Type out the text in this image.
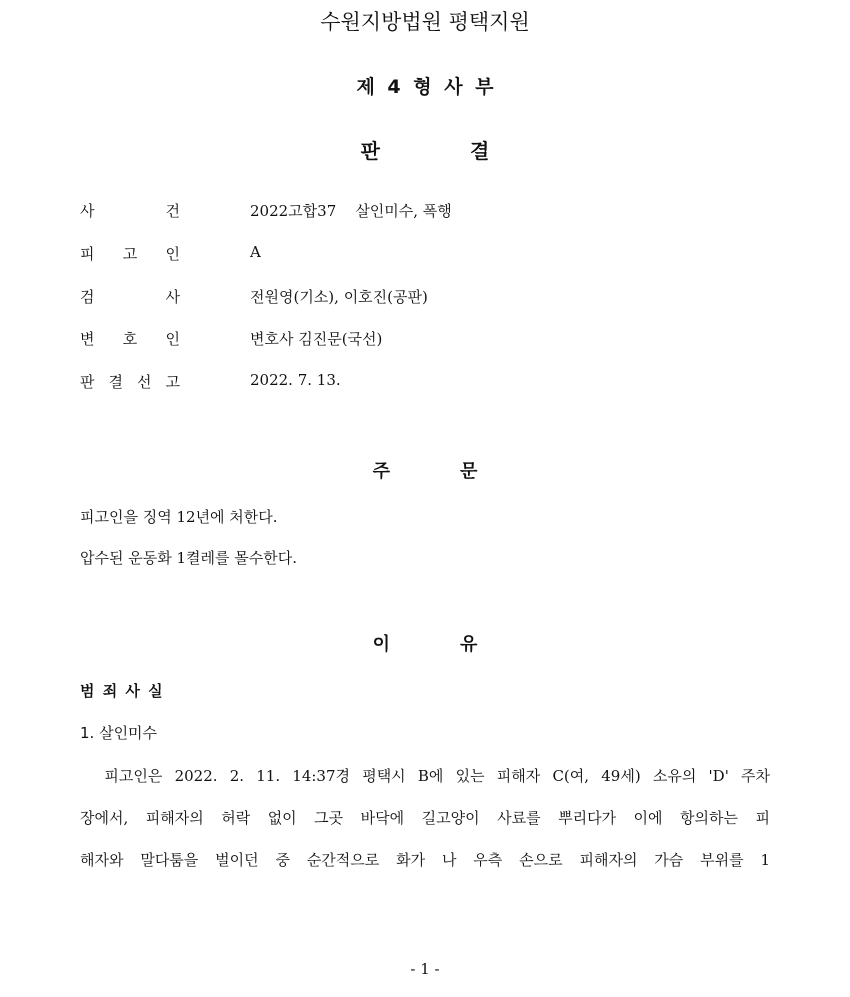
수원지방법원 평택지원
제 4 형 사 부
판	결
사	건	2022고합37    살인미수, 폭행
피 고 인	A
검	사	전원영(기소), 이호진(공판)
변 호 인	변호사 김진문(국선)
판 결 선 고	2022. 7. 13.
주	문
피고인을 징역 12년에 처한다.
압수된 운동화 1켤레를 몰수한다.
이	유
범 죄 사 실
1. 살인미수
피고인은 2022. 2. 11. 14:37경 평택시 B에 있는 피해자 C(여, 49세) 소유의 'D' 주차
장에서, 피해자의 허락 없이 그곳 바닥에 길고양이 사료를 뿌리다가 이에 항의하는 피
해자와 말다툼을 벌이던 중 순간적으로 화가 나 우측 손으로 피해자의 가슴 부위를 1
- 1 -
